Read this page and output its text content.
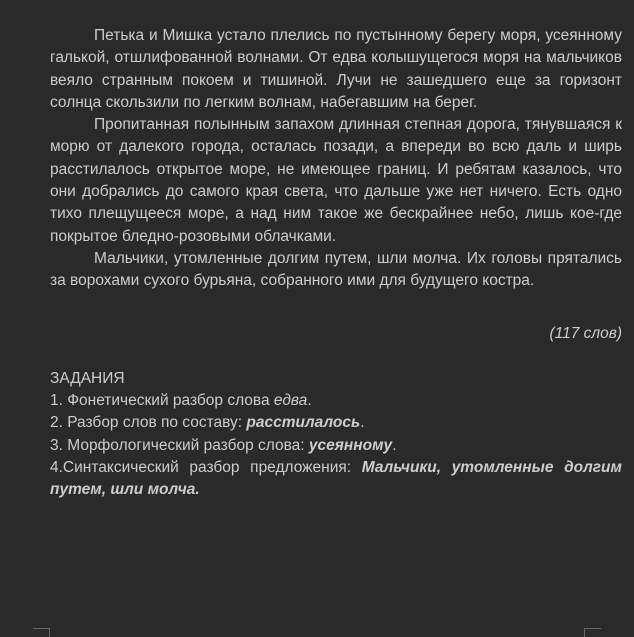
Петька и Мишка устало плелись по пустынному берегу моря, усеянному галькой, отшлифованной волнами. От едва колышущегося моря на мальчиков веяло странным покоем и тишиной. Лучи не зашедшего еще за горизонт солнца скользили по легким волнам, набегавшим на берег.

Пропитанная полынным запахом длинная степная дорога, тянувшаяся к морю от далекого города, осталась позади, а впереди во всю даль и ширь расстилалось открытое море, не имеющее границ. И ребятам казалось, что они добрались до самого края света, что дальше уже нет ничего. Есть одно тихо плещущееся море, а над ним такое же бескрайнее небо, лишь кое-где покрытое бледно-розовыми облачками.

Мальчики, утомленные долгим путем, шли молча. Их головы прятались за ворохами сухого бурьяна, собранного ими для будущего костра.

(117 слов)

ЗАДАНИЯ

1. Фонетический разбор слова едва.

2. Разбор слов по составу: расстилалось.

3. Морфологический разбор слова: усеянному.

4.Синтаксический разбор предложения: Мальчики, утомленные долгим путем, шли молча.
